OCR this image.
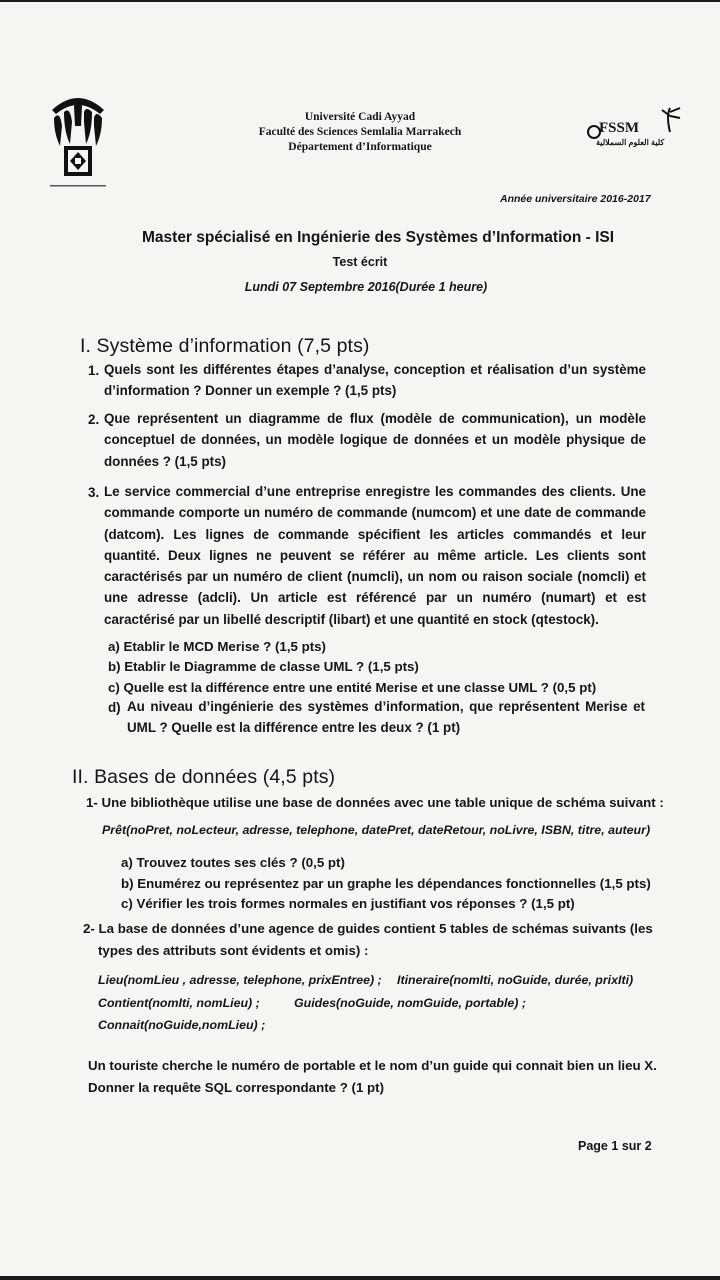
Université Cadi Ayyad
Faculté des Sciences Semlalia Marrakech
Département d’Informatique
FSSM
كلية العلوم السملالية
Année universitaire 2016-2017
Master spécialisé en Ingénierie des Systèmes d’Information - ISI
Test écrit
Lundi 07 Septembre 2016(Durée 1 heure)
I. Système d’information (7,5 pts)
1. Quels sont les différentes étapes d’analyse, conception et réalisation d’un système d’information ? Donner un exemple ? (1,5 pts)
2. Que représentent un diagramme de flux (modèle de communication), un modèle conceptuel de données, un modèle logique de données et un modèle physique de données ? (1,5 pts)
3. Le service commercial d’une entreprise enregistre les commandes des clients. Une commande comporte un numéro de commande (numcom) et une date de commande (datcom). Les lignes de commande spécifient les articles commandés et leur quantité. Deux lignes ne peuvent se référer au même article. Les clients sont caractérisés par un numéro de client (numcli), un nom ou raison sociale (nomcli) et une adresse (adcli). Un article est référencé par un numéro (numart) et est caractérisé par un libellé descriptif (libart) et une quantité en stock (qtestock).
a) Etablir le MCD Merise ? (1,5 pts)
b) Etablir le Diagramme de classe UML ? (1,5 pts)
c) Quelle est la différence entre une entité Merise et une classe UML ? (0,5 pt)
d) Au niveau d’ingénierie des systèmes d’information, que représentent Merise et UML ? Quelle est la différence entre les deux ? (1 pt)
II. Bases de données (4,5 pts)
1- Une bibliothèque utilise une base de données avec une table unique de schéma suivant :
Prêt(noPret, noLecteur, adresse, telephone, datePret, dateRetour, noLivre, ISBN, titre, auteur)
a) Trouvez toutes ses clés ? (0,5 pt)
b) Enumérez ou représentez par un graphe les dépendances fonctionnelles (1,5 pts)
c) Vérifier les trois formes normales en justifiant vos réponses ? (1,5 pt)
2- La base de données d’une agence de guides contient 5 tables de schémas suivants (les
types des attributs sont évidents et omis) :
Lieu(nomLieu , adresse, telephone, prixEntree) ; Itineraire(nomIti, noGuide, durée, prixIti)
Contient(nomIti, nomLieu) ;	Guides(noGuide, nomGuide, portable) ;
Connait(noGuide,nomLieu) ;
Un touriste cherche le numéro de portable et le nom d’un guide qui connait bien un lieu X.
Donner la requête SQL correspondante ? (1 pt)
Page 1 sur 2
